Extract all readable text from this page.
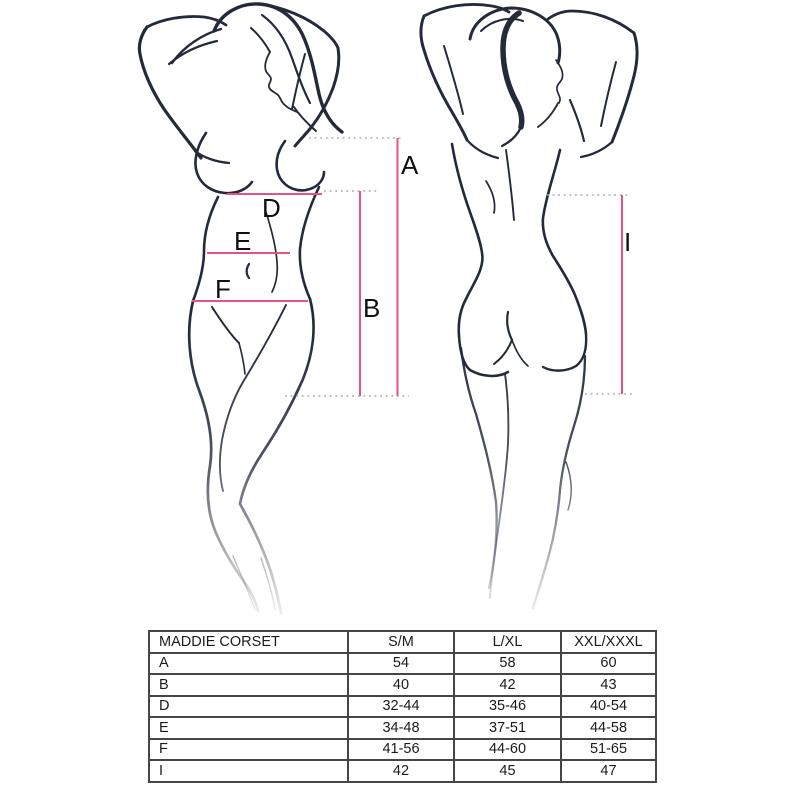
A
B
D
E
F
I
MADDIE CORSET	S/M	L/XL	XXL/XXXL
A	54	58	60
B	40	42	43
D	32-44	35-46	40-54
E	34-48	37-51	44-58
F	41-56	44-60	51-65
I	42	45	47
